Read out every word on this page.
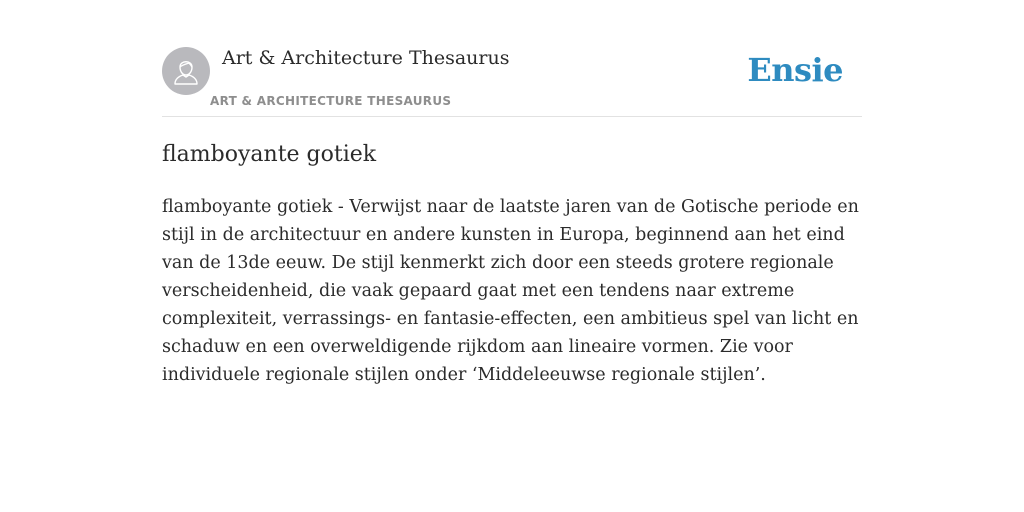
Art & Architecture Thesaurus
ART & ARCHITECTURE THESAURUS
Ensie
flamboyante gotiek

flamboyante gotiek - Verwijst naar de laatste jaren van de Gotische periode en stijl in de architectuur en andere kunsten in Europa, beginnend aan het eind van de 13de eeuw. De stijl kenmerkt zich door een steeds grotere regionale verscheidenheid, die vaak gepaard gaat met een tendens naar extreme complexiteit, verrassings- en fantasie-effecten, een ambitieus spel van licht en schaduw en een overweldigende rijkdom aan lineaire vormen. Zie voor individuele regionale stijlen onder ‘Middeleeuwse regionale stijlen’.
